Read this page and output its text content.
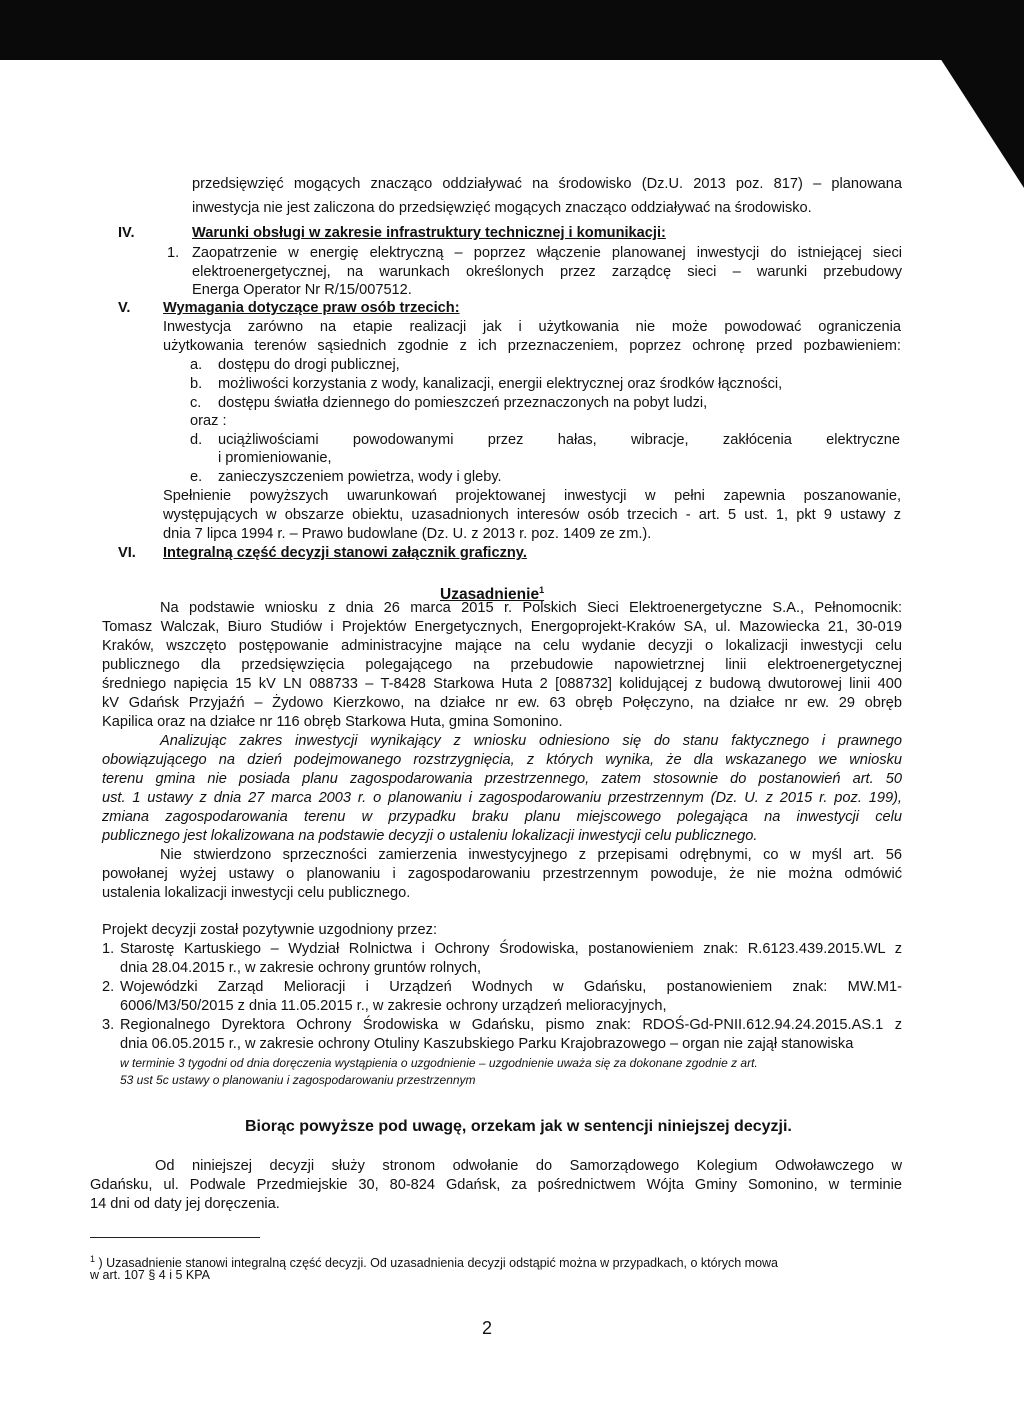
przedsięwzięć mogących znacząco oddziaływać na środowisko (Dz.U. 2013 poz. 817) – planowana
inwestycja nie jest zaliczona do przedsięwzięć mogących znacząco oddziaływać na środowisko.
IV.	Warunki obsługi w zakresie infrastruktury technicznej i komunikacji:
1. Zaopatrzenie w energię elektryczną – poprzez włączenie planowanej inwestycji do istniejącej sieci
elektroenergetycznej, na warunkach określonych przez zarządcę sieci – warunki przebudowy
Energa Operator Nr R/15/007512.
V. Wymagania dotyczące praw osób trzecich:
Inwestycja zarówno na etapie realizacji jak i użytkowania nie może powodować ograniczenia
użytkowania terenów sąsiednich zgodnie z ich przeznaczeniem, poprzez ochronę przed pozbawieniem:
a. dostępu do drogi publicznej,
b. możliwości korzystania z wody, kanalizacji, energii elektrycznej oraz środków łączności,
c. dostępu światła dziennego do pomieszczeń przeznaczonych na pobyt ludzi,
oraz :
d. uciążliwościami powodowanymi przez hałas, wibracje, zakłócenia elektryczne
i promieniowanie,
e. zanieczyszczeniem powietrza, wody i gleby.
Spełnienie powyższych uwarunkowań projektowanej inwestycji w pełni zapewnia poszanowanie,
występujących w obszarze obiektu, uzasadnionych interesów osób trzecich - art. 5 ust. 1, pkt 9 ustawy z
dnia 7 lipca 1994 r. – Prawo budowlane (Dz. U. z 2013 r. poz. 1409 ze zm.).
VI. Integralną część decyzji stanowi załącznik graficzny.
Uzasadnienie$^1$
Na podstawie wniosku z dnia 26 marca 2015 r. Polskich Sieci Elektroenergetyczne S.A., Pełnomocnik:
Tomasz Walczak, Biuro Studiów i Projektów Energetycznych, Energoprojekt-Kraków SA, ul. Mazowiecka 21, 30-019
Kraków, wszczęto postępowanie administracyjne mające na celu wydanie decyzji o lokalizacji inwestycji celu
publicznego dla przedsięwzięcia polegającego na przebudowie napowietrznej linii elektroenergetycznej
średniego napięcia 15 kV LN 088733 – T-8428 Starkowa Huta 2 [088732] kolidującej z budową dwutorowej linii 400
kV Gdańsk Przyjaźń – Żydowo Kierzkowo, na działce nr ew. 63 obręb Połęczyno, na działce nr ew. 29 obręb
Kapilica oraz na działce nr 116 obręb Starkowa Huta, gmina Somonino.
Analizując zakres inwestycji wynikający z wniosku odniesiono się do stanu faktycznego i prawnego
obowiązującego na dzień podejmowanego rozstrzygnięcia, z których wynika, że dla wskazanego we wniosku
terenu gmina nie posiada planu zagospodarowania przestrzennego, zatem stosownie do postanowień art. 50
ust. 1 ustawy z dnia 27 marca 2003 r. o planowaniu i zagospodarowaniu przestrzennym (Dz. U. z 2015 r. poz. 199),
zmiana zagospodarowania terenu w przypadku braku planu miejscowego polegająca na inwestycji celu
publicznego jest lokalizowana na podstawie decyzji o ustaleniu lokalizacji inwestycji celu publicznego.
Nie stwierdzono sprzeczności zamierzenia inwestycyjnego z przepisami odrębnymi, co w myśl art. 56
powołanej wyżej ustawy o planowaniu i zagospodarowaniu przestrzennym powoduje, że nie można odmówić
ustalenia lokalizacji inwestycji celu publicznego.
Projekt decyzji został pozytywnie uzgodniony przez:
1. Starostę Kartuskiego – Wydział Rolnictwa i Ochrony Środowiska, postanowieniem znak: R.6123.439.2015.WL z
dnia 28.04.2015 r., w zakresie ochrony gruntów rolnych,
2. Wojewódzki Zarząd Melioracji i Urządzeń Wodnych w Gdańsku, postanowieniem znak: MW.M1-
6006/M3/50/2015 z dnia 11.05.2015 r., w zakresie ochrony urządzeń melioracyjnych,
3. Regionalnego Dyrektora Ochrony Środowiska w Gdańsku, pismo znak: RDOŚ-Gd-PNII.612.94.24.2015.AS.1 z
dnia 06.05.2015 r., w zakresie ochrony Otuliny Kaszubskiego Parku Krajobrazowego – organ nie zajął stanowiska
w terminie 3 tygodni od dnia doręczenia wystąpienia o uzgodnienie – uzgodnienie uważa się za dokonane zgodnie z art.
53 ust 5c ustawy o planowaniu i zagospodarowaniu przestrzennym
Biorąc powyższe pod uwagę, orzekam jak w sentencji niniejszej decyzji.
Od niniejszej decyzji służy stronom odwołanie do Samorządowego Kolegium Odwoławczego w
Gdańsku, ul. Podwale Przedmiejskie 30, 80-824 Gdańsk, za pośrednictwem Wójta Gminy Somonino, w terminie
14 dni od daty jej doręczenia.
$^1$ ) Uzasadnienie stanowi integralną część decyzji. Od uzasadnienia decyzji odstąpić można w przypadkach, o których mowa
w art. 107 § 4 i 5 KPA
2
